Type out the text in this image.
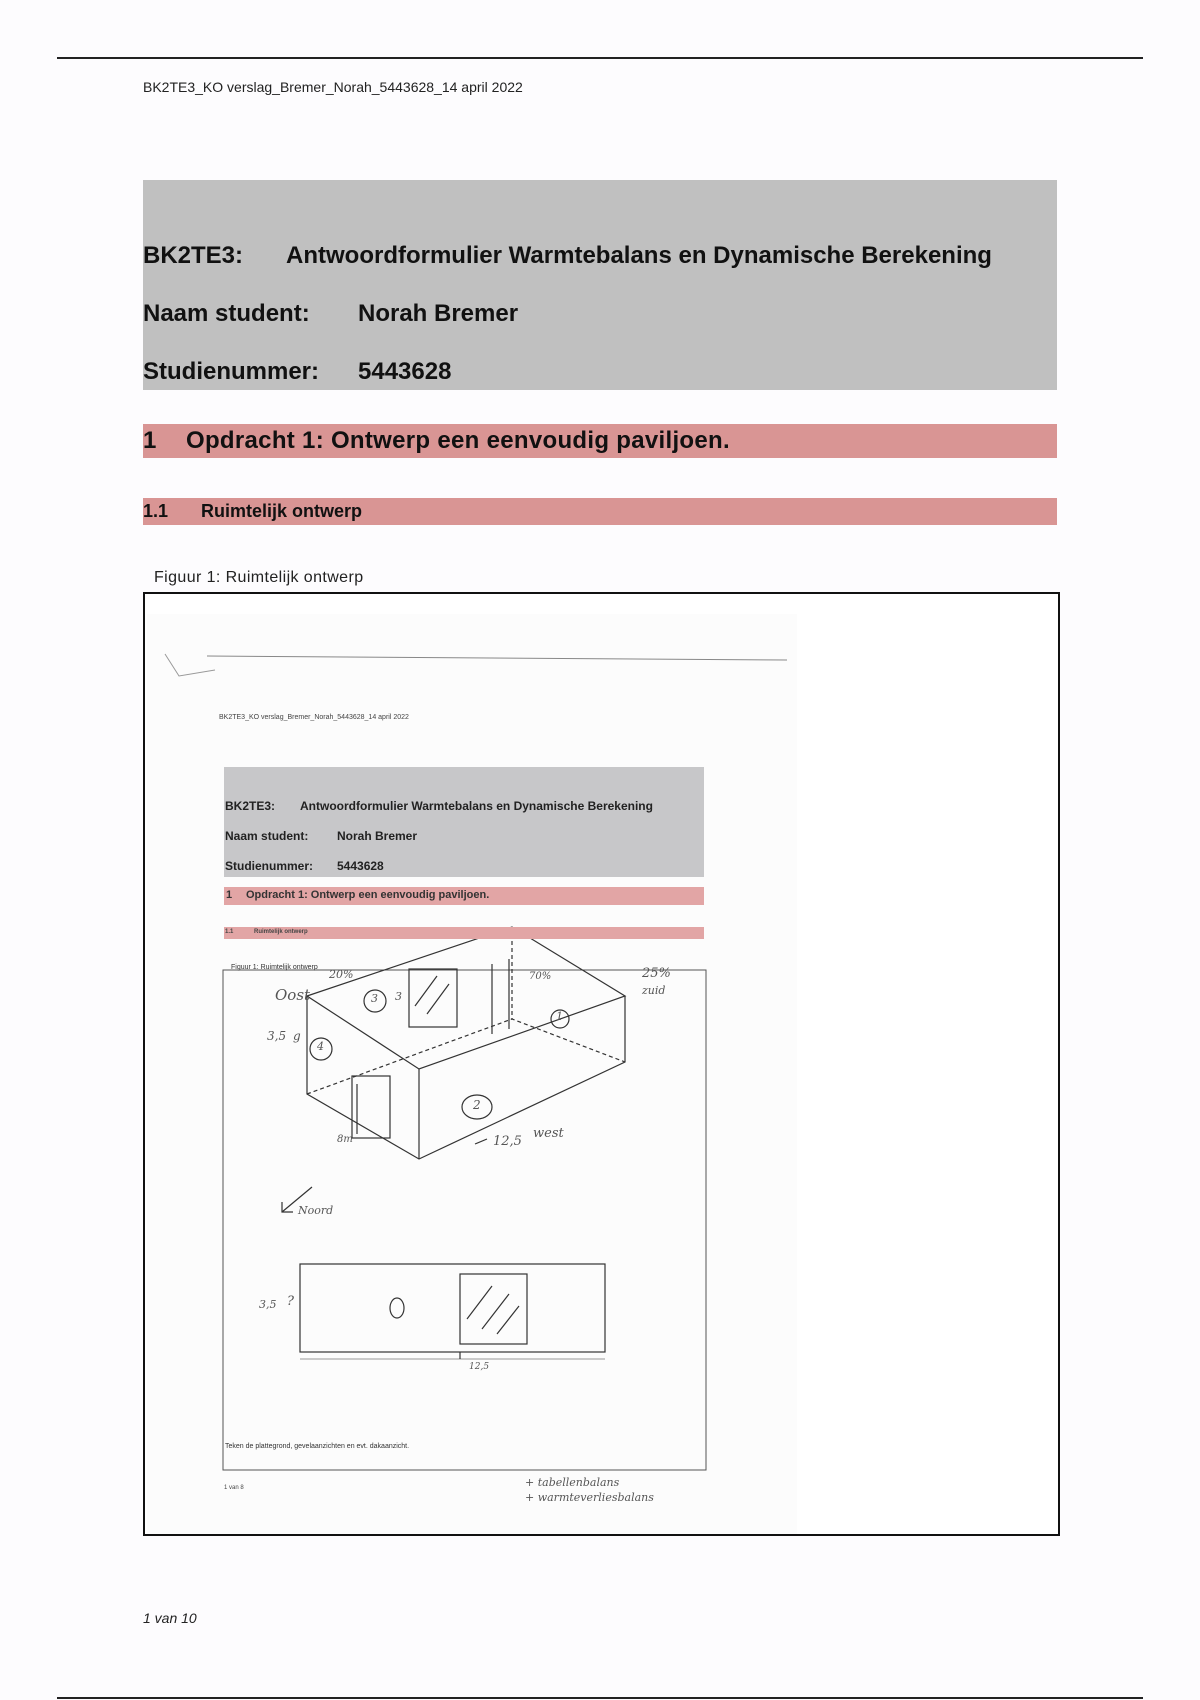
BK2TE3_KO verslag_Bremer_Norah_5443628_14 april 2022
BK2TE3: Antwoordformulier Warmtebalans en Dynamische Berekening
Naam student: Norah Bremer
Studienummer: 5443628
1 Opdracht 1: Ontwerp een eenvoudig paviljoen.
1.1 Ruimtelijk ontwerp
Figuur 1: Ruimtelijk ontwerp
BK2TE3_KO verslag_Bremer_Norah_5443628_14 april 2022
BK2TE3: Antwoordformulier Warmtebalans en Dynamische Berekening
Naam student: Norah Bremer
Studienummer: 5443628
1 Opdracht 1: Ontwerp een eenvoudig paviljoen.
1.1	Ruimtelijk ontwerp
Figuur 1: Ruimtelijk ontwerp
Oost
20%	25%
zuid
70%
3
3,5 g
8m	12,5
west
Noord
3,5 ?
12,5
1
2
3
4
Teken de plattegrond, gevelaanzichten en evt. dakaanzicht.
1 van 8	+ tabellenbalans
+ warmteverliesbalans
1 van 10
